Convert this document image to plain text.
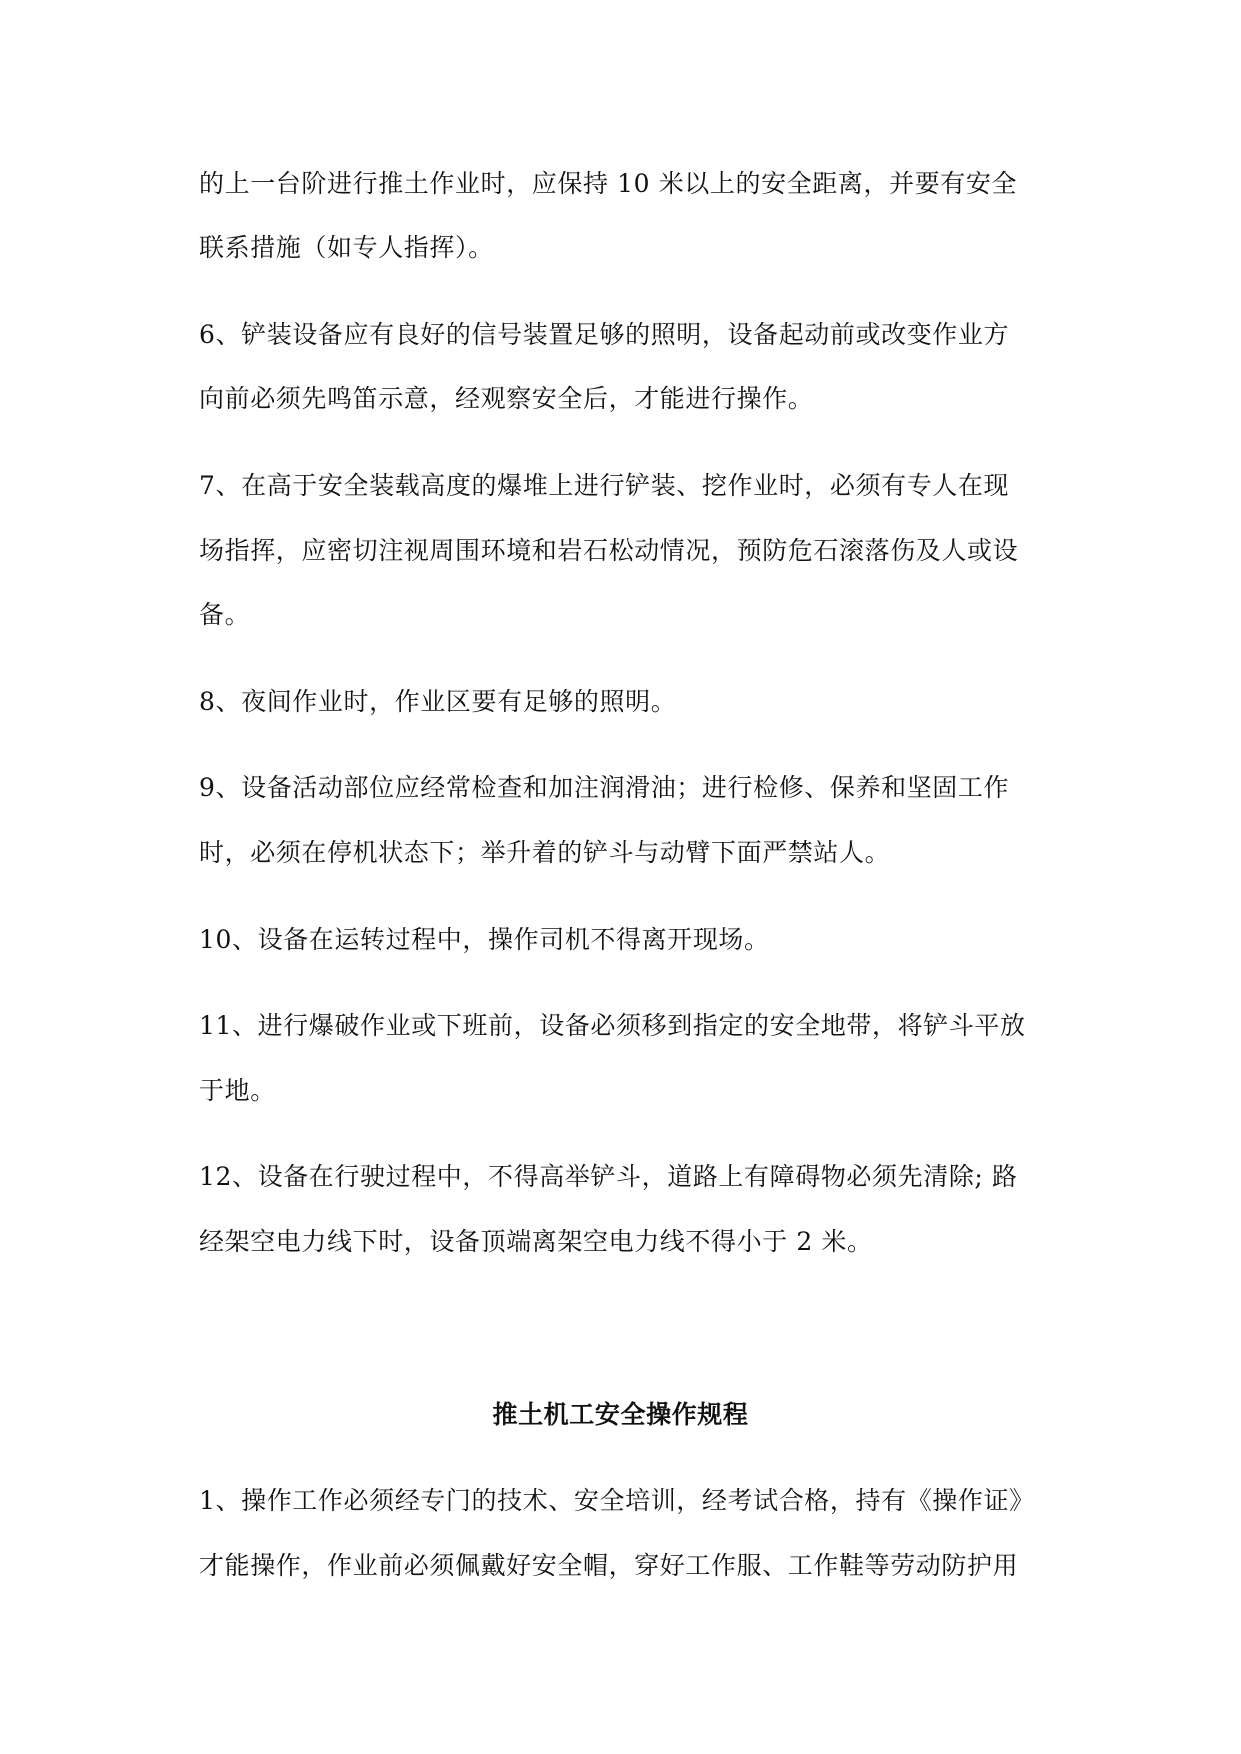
的上一台阶进行推土作业时，应保持 10 米以上的安全距离，并要有安全
联系措施（如专人指挥）。
6、铲装设备应有良好的信号装置足够的照明，设备起动前或改变作业方
向前必须先鸣笛示意，经观察安全后，才能进行操作。
7、在高于安全装载高度的爆堆上进行铲装、挖作业时，必须有专人在现
场指挥，应密切注视周围环境和岩石松动情况，预防危石滚落伤及人或设
备。
8、夜间作业时，作业区要有足够的照明。
9、设备活动部位应经常检查和加注润滑油；进行检修、保养和坚固工作
时，必须在停机状态下；举升着的铲斗与动臂下面严禁站人。
10、设备在运转过程中，操作司机不得离开现场。
11、进行爆破作业或下班前，设备必须移到指定的安全地带，将铲斗平放
于地。
12、设备在行驶过程中，不得高举铲斗，道路上有障碍物必须先清除; 路
经架空电力线下时，设备顶端离架空电力线不得小于 2 米。
推土机工安全操作规程
1、操作工作必须经专门的技术、安全培训，经考试合格，持有《操作证》
才能操作，作业前必须佩戴好安全帽，穿好工作服、工作鞋等劳动防护用
